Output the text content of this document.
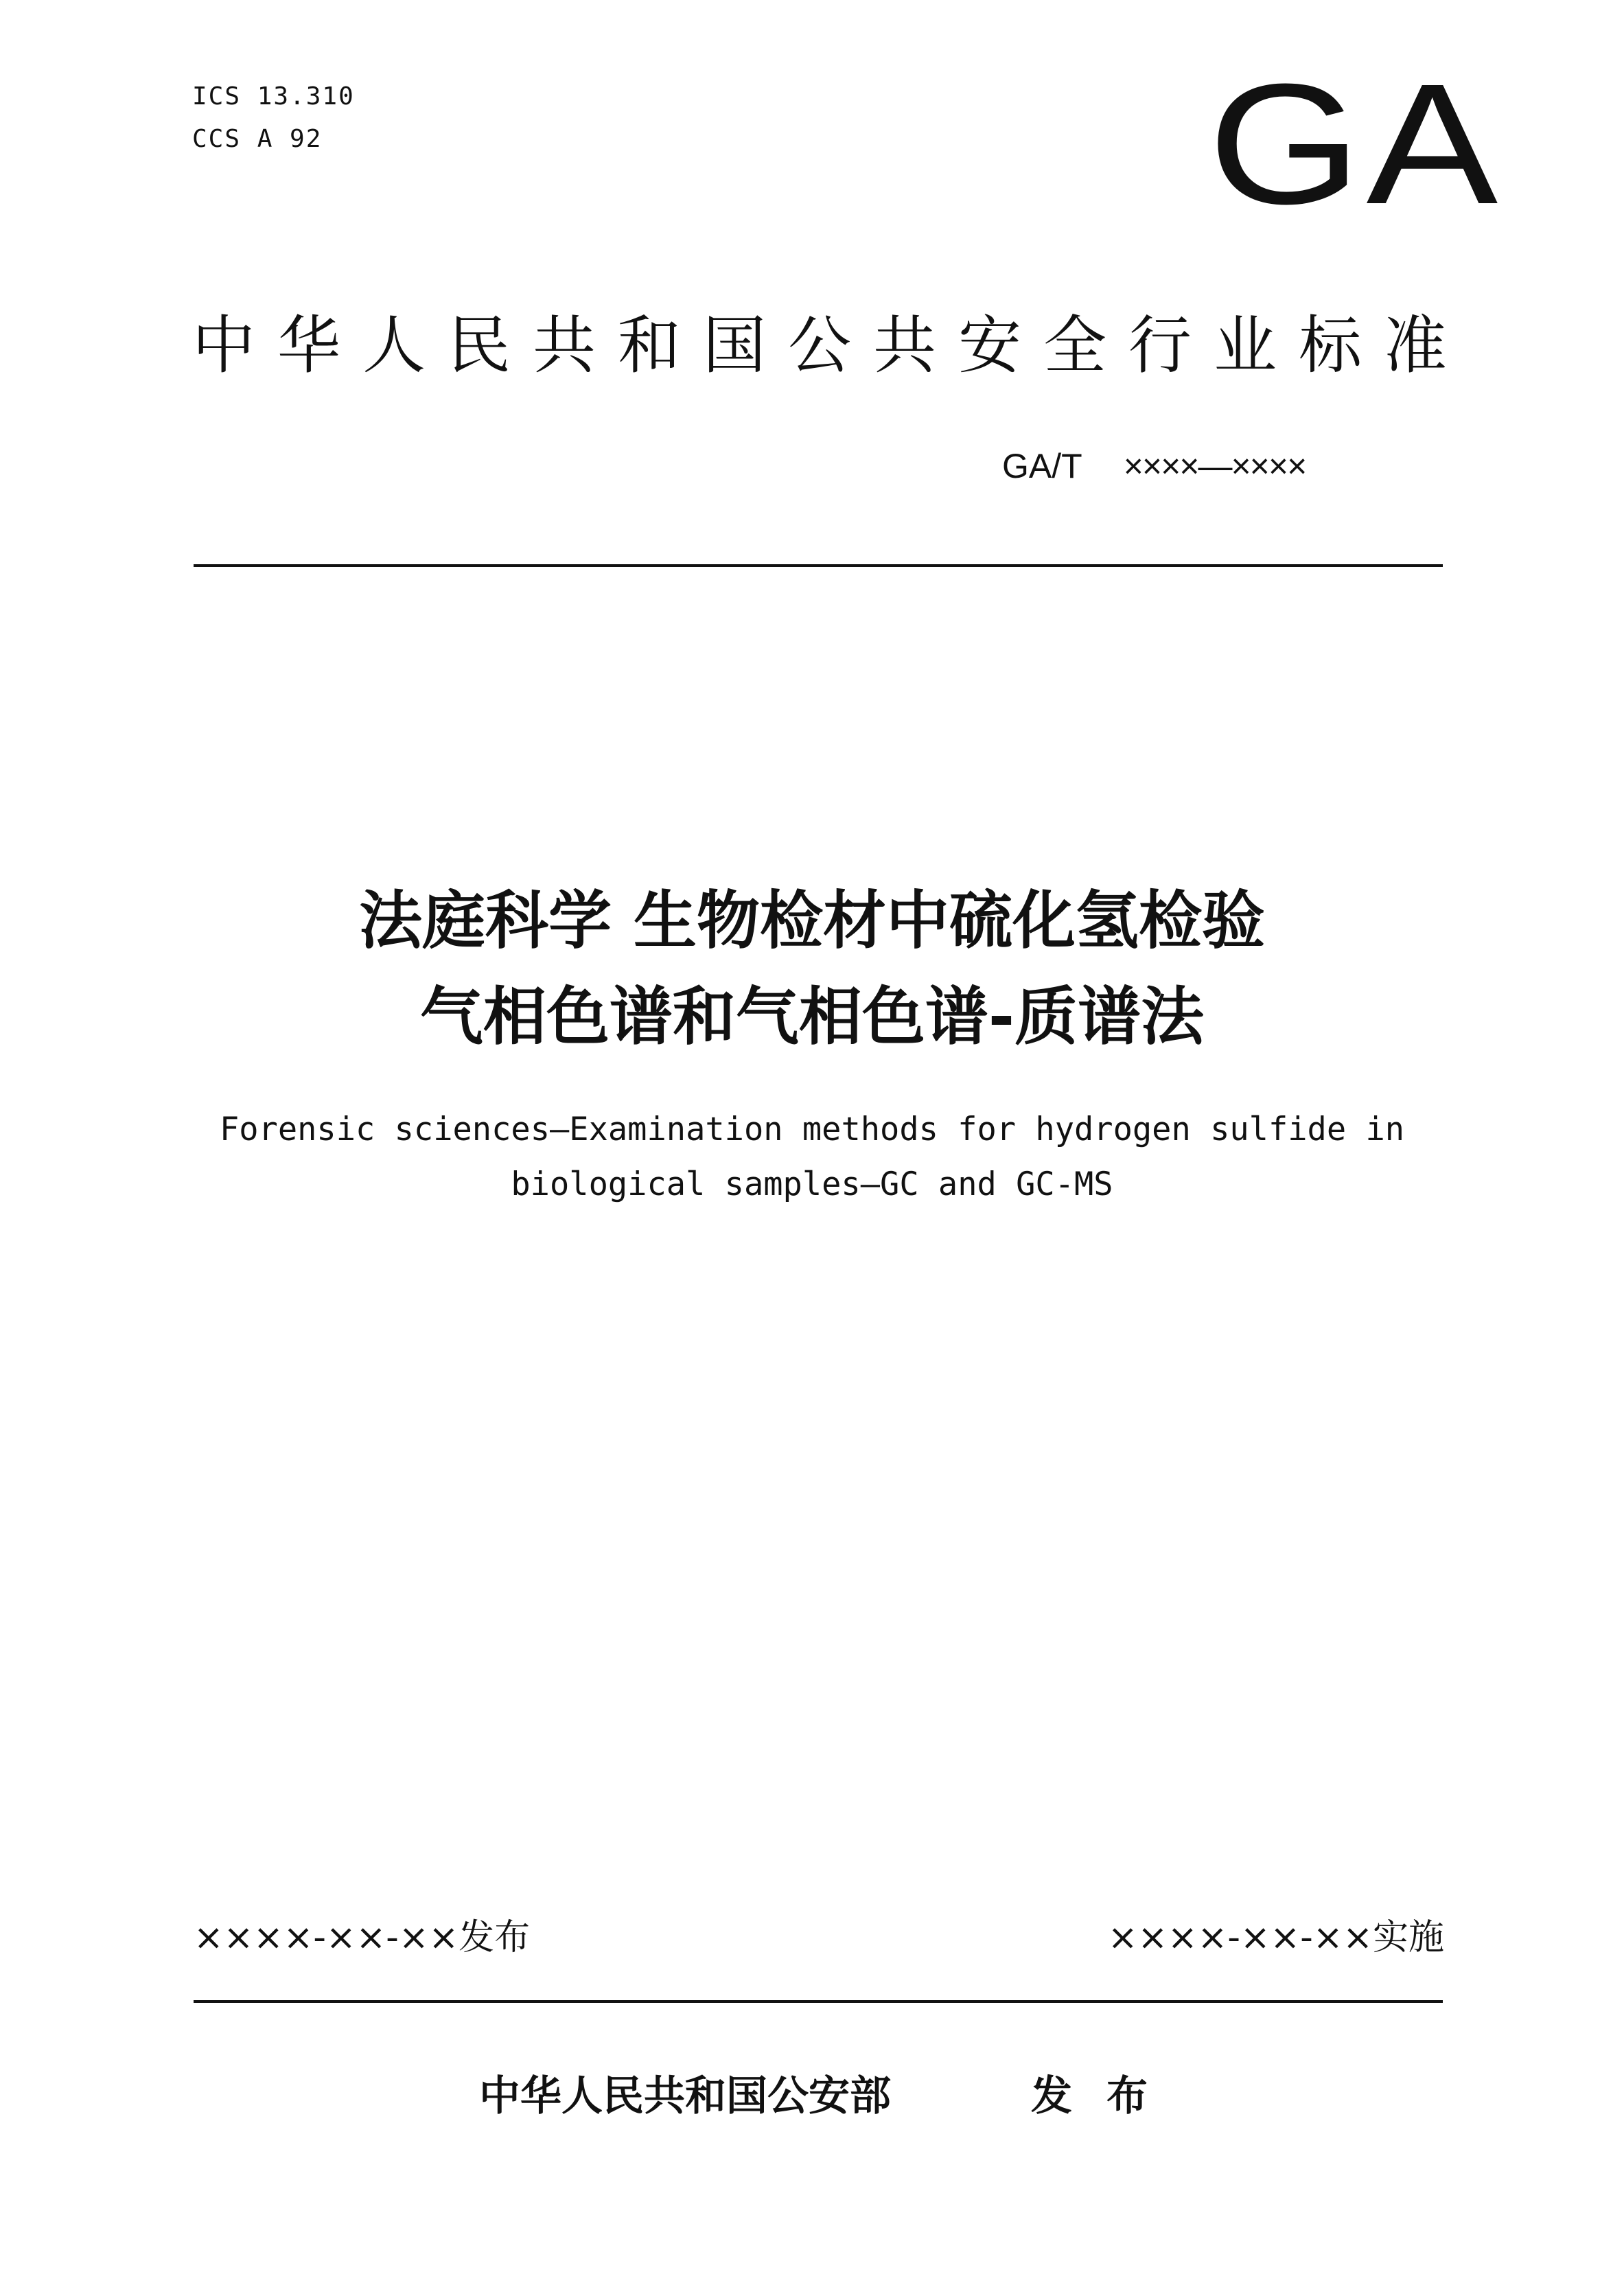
ICS 13.310
CCS A 92	GA
中华人民共和国公共安全行业标准
GA/T ××××—××××
法庭科学 生物检材中硫化氢检验
气相色谱和气相色谱-质谱法
Forensic sciences—Examination methods for hydrogen sulfide in
biological samples—GC and GC-MS
××××-××-××发布	××××-××-××实施
中华人民共和国公安部	发布
